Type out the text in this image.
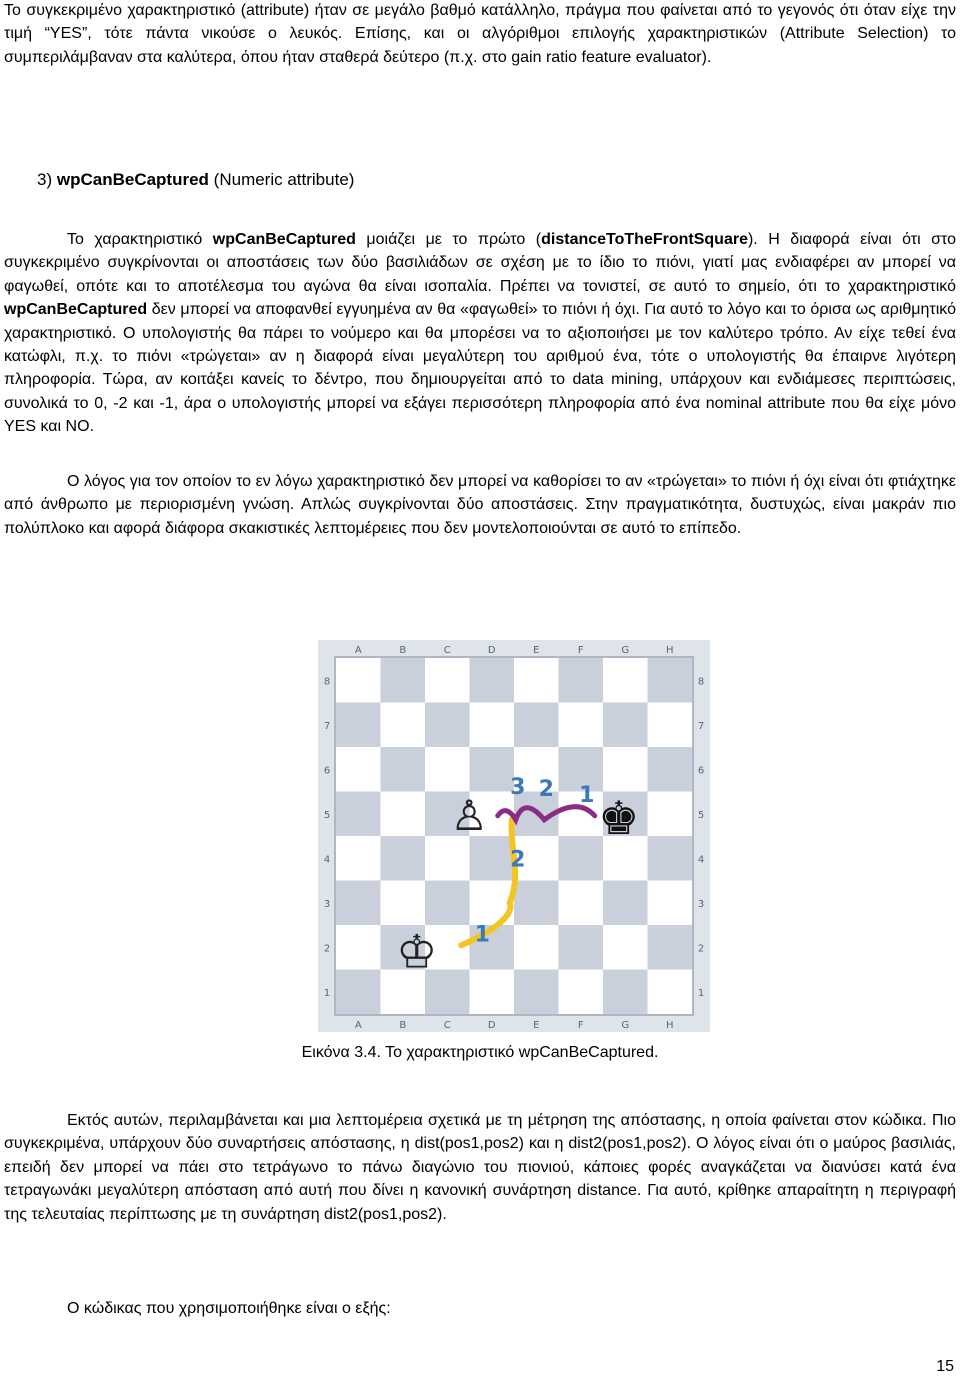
Το συγκεκριμένο χαρακτηριστικό (attribute) ήταν σε μεγάλο βαθμό κατάλληλο, πράγμα που φαίνεται από το γεγονός ότι όταν είχε την τιμή “YES”, τότε πάντα νικούσε ο λευκός. Επίσης, και οι αλγόριθμοι επιλογής χαρακτηριστικών (Attribute Selection) το συμπεριλάμβαναν στα καλύτερα, όπου ήταν σταθερά δεύτερο (π.χ. στο gain ratio feature evaluator).

3) wpCanBeCaptured (Numeric attribute)

Το χαρακτηριστικό wpCanBeCaptured μοιάζει με το πρώτο (distanceToTheFrontSquare). Η διαφορά είναι ότι στο συγκεκριμένο συγκρίνονται οι αποστάσεις των δύο βασιλιάδων σε σχέση με το ίδιο το πιόνι, γιατί μας ενδιαφέρει αν μπορεί να φαγωθεί, οπότε και το αποτέλεσμα του αγώνα θα είναι ισοπαλία. Πρέπει να τονιστεί, σε αυτό το σημείο, ότι το χαρακτηριστικό wpCanBeCaptured δεν μπορεί να αποφανθεί εγγυημένα αν θα «φαγωθεί» το πιόνι ή όχι. Για αυτό το λόγο και το όρισα ως αριθμητικό χαρακτηριστικό. Ο υπολογιστής θα πάρει το νούμερο και θα μπορέσει να το αξιοποιήσει με τον καλύτερο τρόπο. Αν είχε τεθεί ένα κατώφλι, π.χ. το πιόνι «τρώγεται» αν η διαφορά είναι μεγαλύτερη του αριθμού ένα, τότε ο υπολογιστής θα έπαιρνε λιγότερη πληροφορία. Τώρα, αν κοιτάξει κανείς το δέντρο, που δημιουργείται από το data mining, υπάρχουν και ενδιάμεσες περιπτώσεις, συνολικά το 0, -2 και -1, άρα ο υπολογιστής μπορεί να εξάγει περισσότερη πληροφορία από ένα nominal attribute που θα είχε μόνο YES και NO.

Ο λόγος για τον οποίον το εν λόγω χαρακτηριστικό δεν μπορεί να καθορίσει το αν «τρώγεται» το πιόνι ή όχι είναι ότι φτιάχτηκε από άνθρωπο με περιορισμένη γνώση. Απλώς συγκρίνονται δύο αποστάσεις. Στην πραγματικότητα, δυστυχώς, είναι μακράν πιο πολύπλοκο και αφορά διάφορα σκακιστικές λεπτομέρειες που δεν μοντελοποιούνται σε αυτό το επίπεδο.

A
A
B
B
C
C
D
D
E
E
F
F
G
G
H
H
8	8
7	7
6	6
5	5
4	4
3	3
2	2
1	1
♙
♔
♚
1
2
3 2 1
Εικόνα 3.4. Το χαρακτηριστικό wpCanBeCaptured.

Εκτός αυτών, περιλαμβάνεται και μια λεπτομέρεια σχετικά με τη μέτρηση της απόστασης, η οποία φαίνεται στον κώδικα. Πιο συγκεκριμένα, υπάρχουν δύο συναρτήσεις απόστασης, η dist(pos1,pos2) και η dist2(pos1,pos2). Ο λόγος είναι ότι ο μαύρος βασιλιάς, επειδή δεν μπορεί να πάει στο τετράγωνο το πάνω διαγώνιο του πιονιού, κάποιες φορές αναγκάζεται να διανύσει κατά ένα τετραγωνάκι μεγαλύτερη απόσταση από αυτή που δίνει η κανονική συνάρτηση distance. Για αυτό, κρίθηκε απαραίτητη η περιγραφή της τελευταίας περίπτωσης με τη συνάρτηση dist2(pos1,pos2).

Ο κώδικας που χρησιμοποιήθηκε είναι ο εξής:

15
